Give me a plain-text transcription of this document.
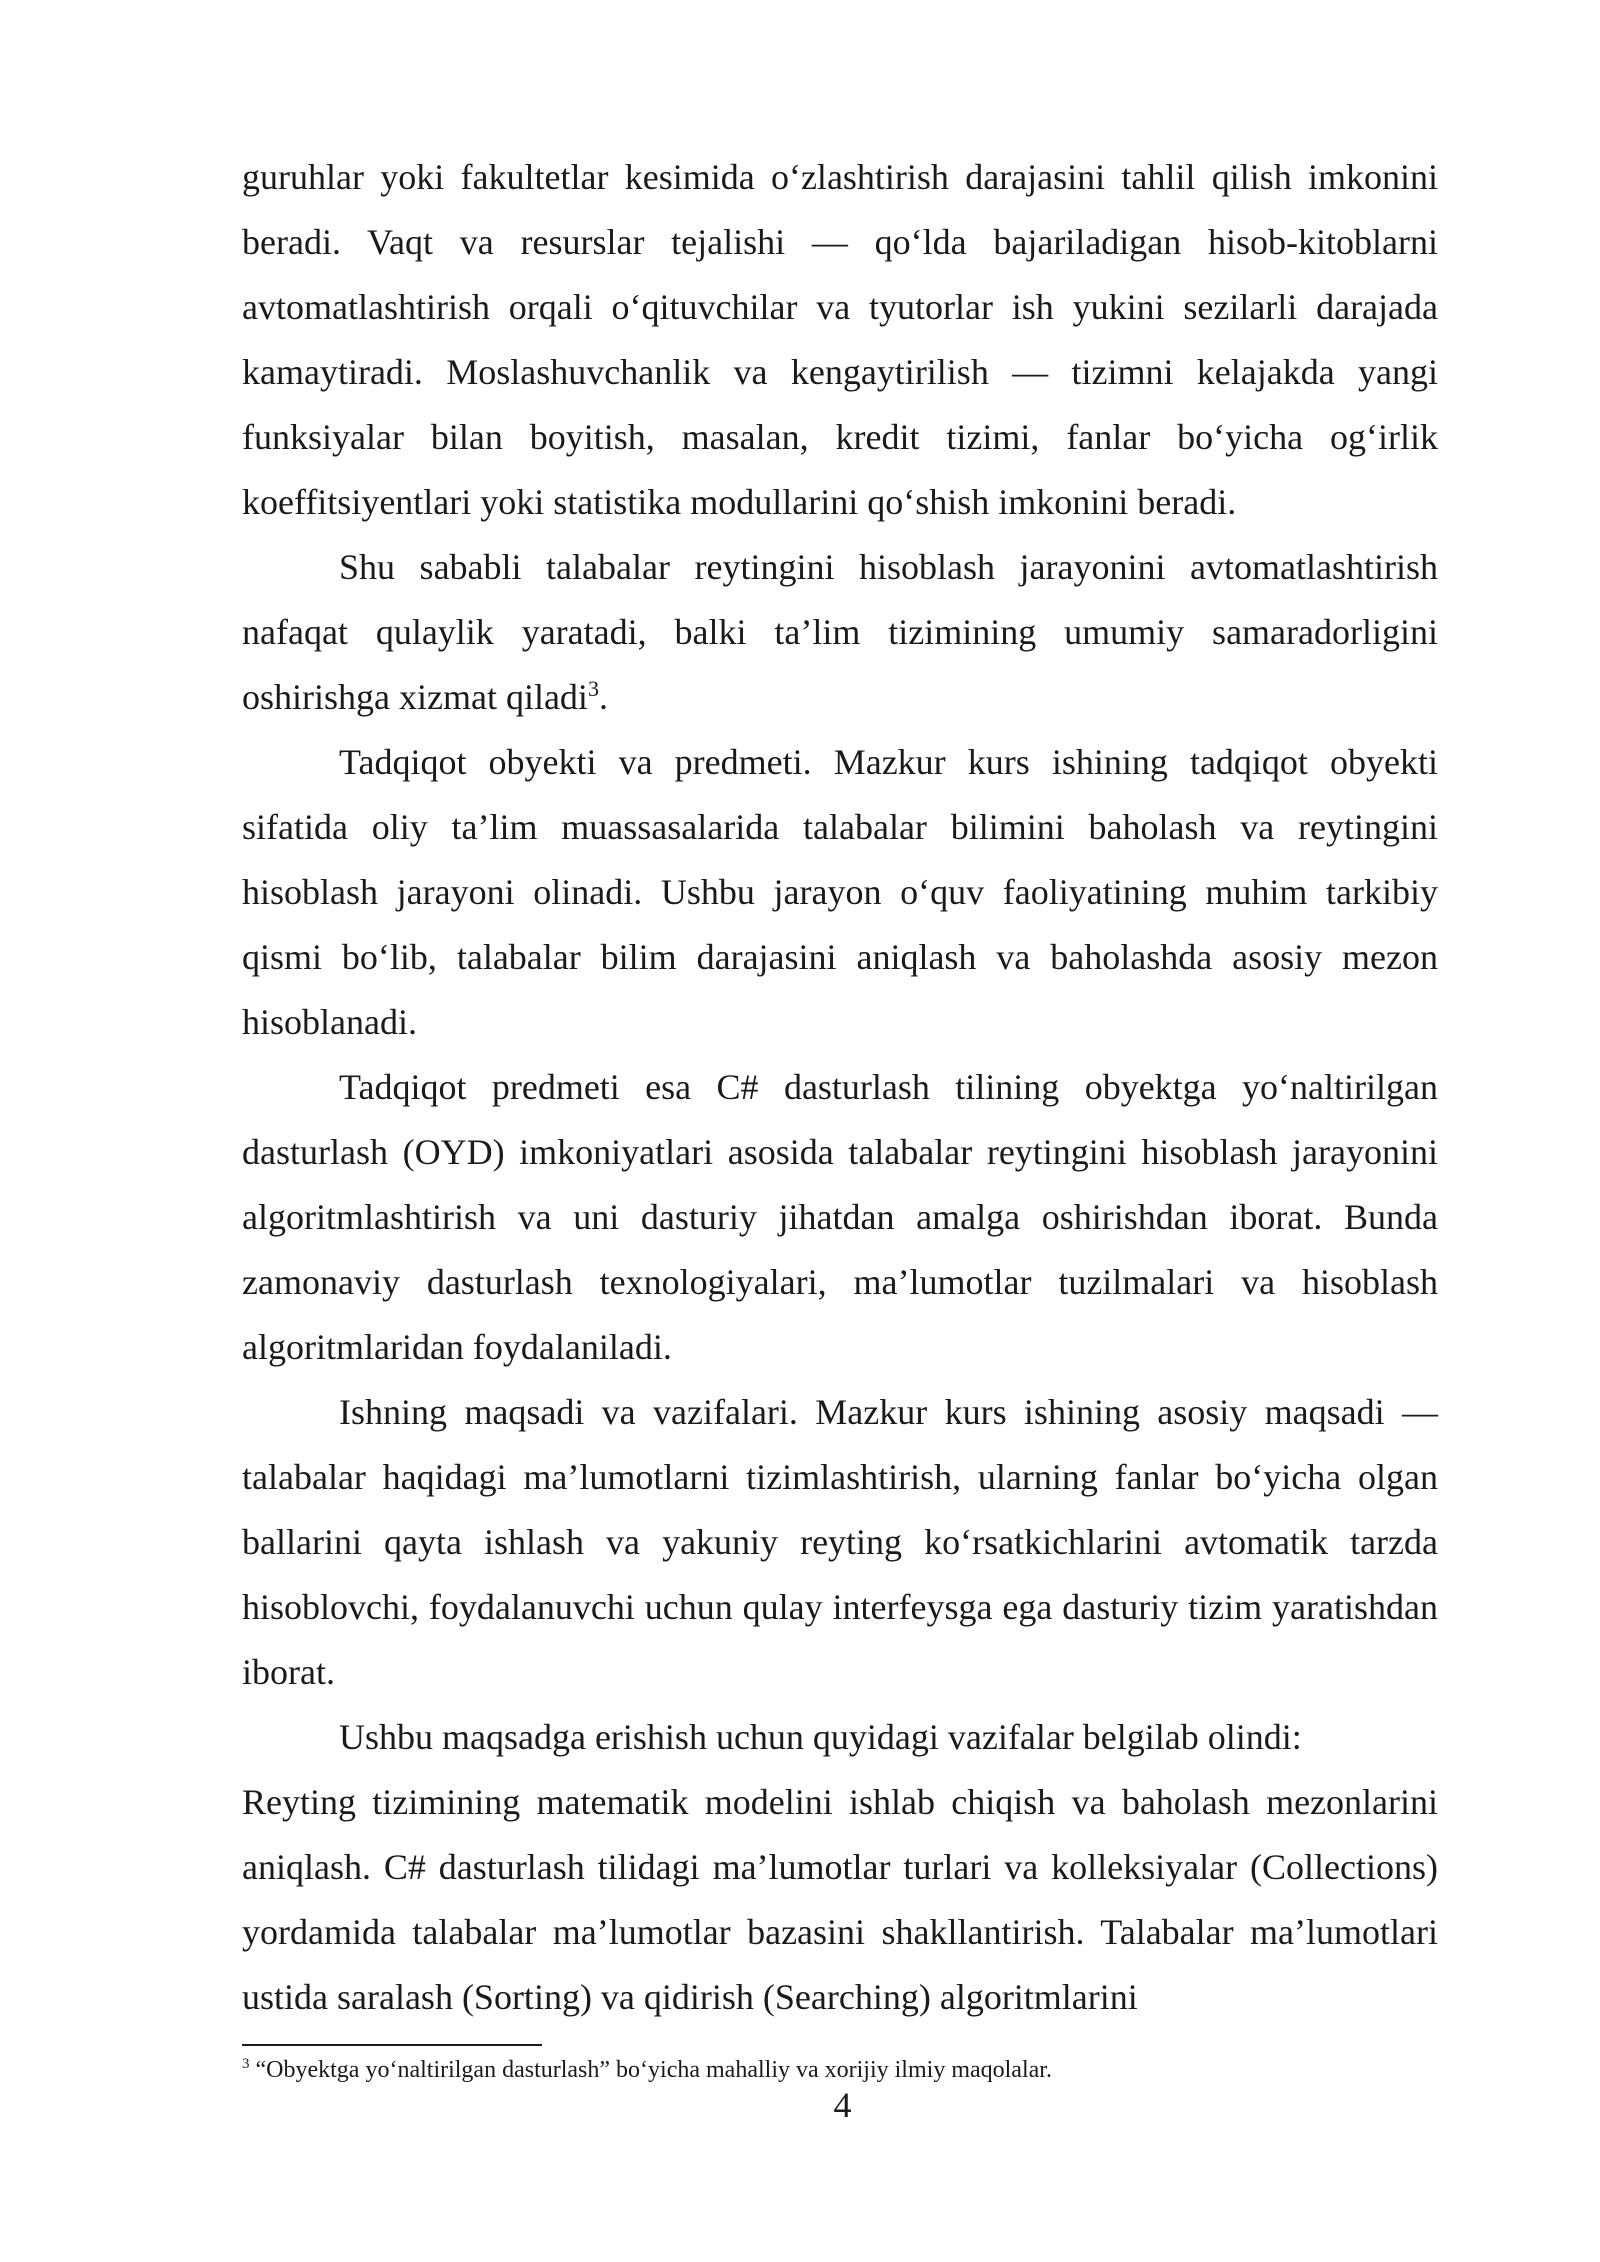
guruhlar yoki fakultetlar kesimida o‘zlashtirish darajasini tahlil qilish imkonini beradi. Vaqt va resurslar tejalishi — qo‘lda bajariladigan hisob-kitoblarni avtomatlashtirish orqali o‘qituvchilar va tyutorlar ish yukini sezilarli darajada kamaytiradi. Moslashuvchanlik va kengaytirilish — tizimni kelajakda yangi funksiyalar bilan boyitish, masalan, kredit tizimi, fanlar bo‘yicha og‘irlik koeffitsiyentlari yoki statistika modullarini qo‘shish imkonini beradi.

Shu sababli talabalar reytingini hisoblash jarayonini avtomatlashtirish nafaqat qulaylik yaratadi, balki ta’lim tizimining umumiy samaradorligini oshirishga xizmat qiladi$^3$.

Tadqiqot obyekti va predmeti. Mazkur kurs ishining tadqiqot obyekti sifatida oliy ta’lim muassasalarida talabalar bilimini baholash va reytingini hisoblash jarayoni olinadi. Ushbu jarayon o‘quv faoliyatining muhim tarkibiy qismi bo‘lib, talabalar bilim darajasini aniqlash va baholashda asosiy mezon hisoblanadi.

Tadqiqot predmeti esa C# dasturlash tilining obyektga yo‘naltirilgan dasturlash (OYD) imkoniyatlari asosida talabalar reytingini hisoblash jarayonini algoritmlashtirish va uni dasturiy jihatdan amalga oshirishdan iborat. Bunda zamonaviy dasturlash texnologiyalari, ma’lumotlar tuzilmalari va hisoblash algoritmlaridan foydalaniladi.

Ishning maqsadi va vazifalari. Mazkur kurs ishining asosiy maqsadi — talabalar haqidagi ma’lumotlarni tizimlashtirish, ularning fanlar bo‘yicha olgan ballarini qayta ishlash va yakuniy reyting ko‘rsatkichlarini avtomatik tarzda hisoblovchi, foydalanuvchi uchun qulay interfeysga ega dasturiy tizim yaratishdan iborat.

Ushbu maqsadga erishish uchun quyidagi vazifalar belgilab olindi:

Reyting tizimining matematik modelini ishlab chiqish va baholash mezonlarini aniqlash. C# dasturlash tilidagi ma’lumotlar turlari va kolleksiyalar (Collections) yordamida talabalar ma’lumotlar bazasini shakllantirish. Talabalar ma’lumotlari ustida saralash (Sorting) va qidirish (Searching) algoritmlarini

$^3$ “Obyektga yo‘naltirilgan dasturlash” bo‘yicha mahalliy va xorijiy ilmiy maqolalar.
4
